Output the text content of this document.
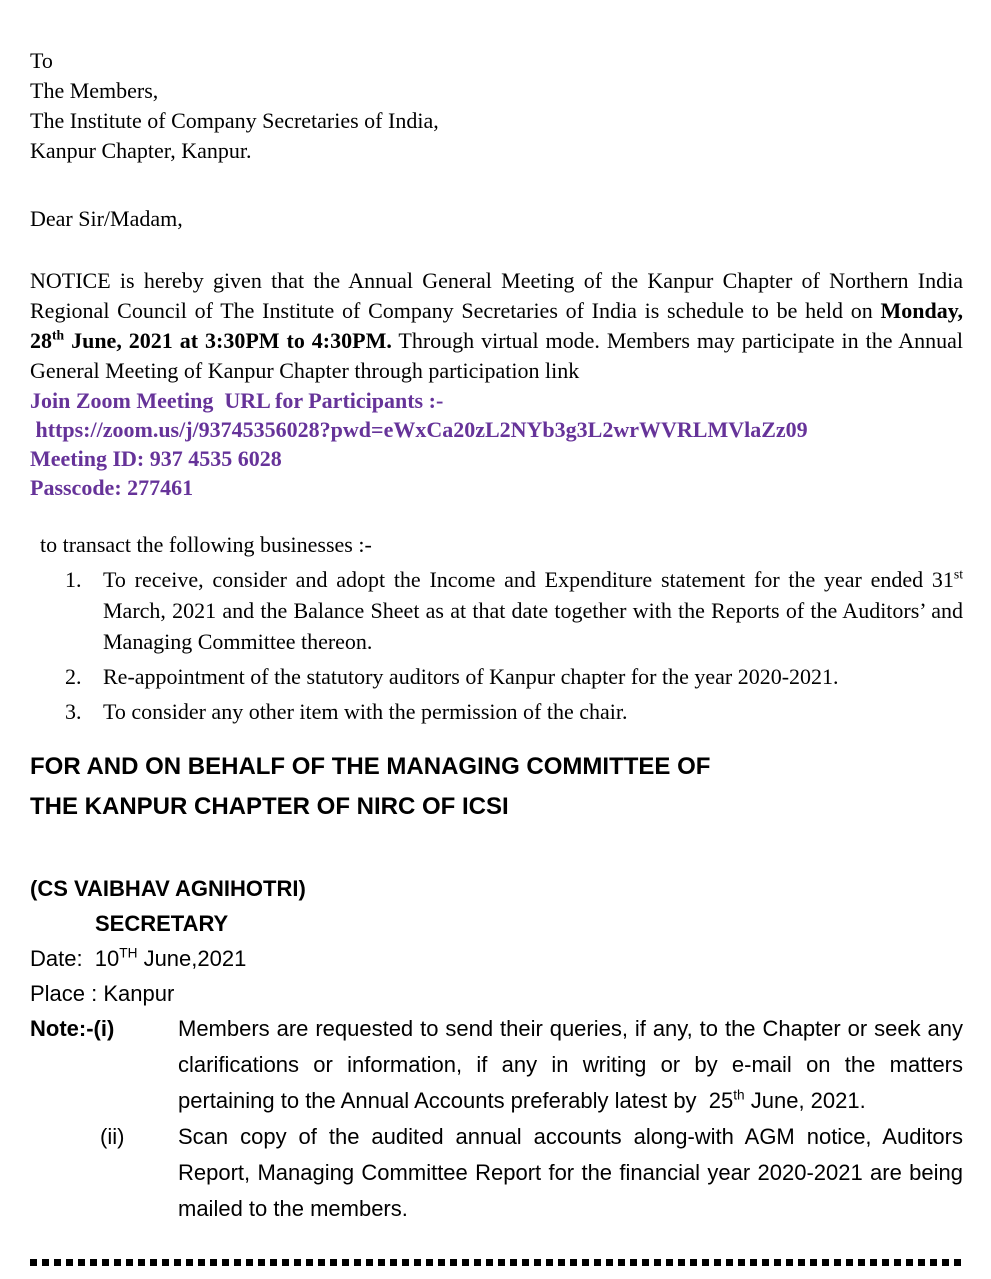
To
The Members,
The Institute of Company Secretaries of India,
Kanpur Chapter, Kanpur.
Dear Sir/Madam,
NOTICE is hereby given that the Annual General Meeting of the Kanpur Chapter of Northern India Regional Council of The Institute of Company Secretaries of India is schedule to be held on Monday, 28th June, 2021 at 3:30PM to 4:30PM. Through virtual mode. Members may participate in the Annual General Meeting of Kanpur Chapter through participation link
Join Zoom Meeting  URL for Participants :-
https://zoom.us/j/93745356028?pwd=eWxCa20zL2NYb3g3L2wrWVRLMVlaZz09
Meeting ID: 937 4535 6028
Passcode: 277461
to transact the following businesses :-
1. To receive, consider and adopt the Income and Expenditure statement for the year ended 31st March, 2021 and the Balance Sheet as at that date together with the Reports of the Auditors’ and Managing Committee thereon.
2. Re-appointment of the statutory auditors of Kanpur chapter for the year 2020-2021.
3. To consider any other item with the permission of the chair.
FOR AND ON BEHALF OF THE MANAGING COMMITTEE OF
THE KANPUR CHAPTER OF NIRC OF ICSI
(CS VAIBHAV AGNIHOTRI)
SECRETARY
Date:  10TH June,2021
Place : Kanpur
Note:-(i)	Members are requested to send their queries, if any, to the Chapter or seek any clarifications or information, if any in writing or by e-mail on the matters pertaining to the Annual Accounts preferably latest by  25th June, 2021.
(ii) Scan copy of the audited annual accounts along-with AGM notice, Auditors Report, Managing Committee Report for the financial year 2020-2021 are being mailed to the members.
